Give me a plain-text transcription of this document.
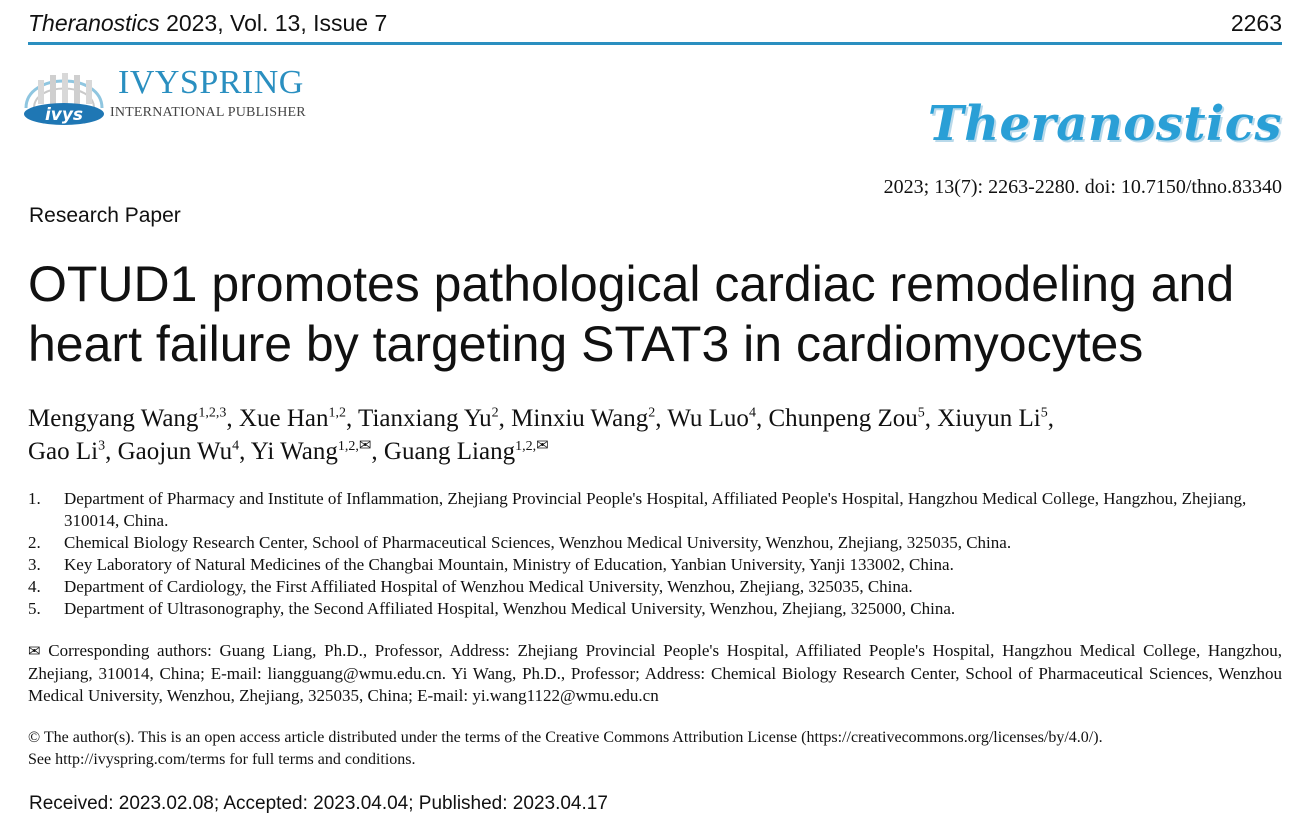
Theranostics 2023, Vol. 13, Issue 7	2263
ivys
IVYSPRING
INTERNATIONAL PUBLISHER	Theranostics
2023; 13(7): 2263-2280. doi: 10.7150/thno.83340
Research Paper
OTUD1 promotes pathological cardiac remodeling and heart failure by targeting STAT3 in cardiomyocytes
Mengyang Wang$^{1,2,3}$, Xue Han$^{1,2}$, Tianxiang Yu$^2$, Minxiu Wang$^2$, Wu Luo$^4$, Chunpeng Zou$^5$, Xiuyun Li$^5$,
Gao Li$^3$, Gaojun Wu$^4$, Yi Wang$^{1,2,✉}$, Guang Liang$^{1,2,✉}$
1. Department of Pharmacy and Institute of Inflammation, Zhejiang Provincial People's Hospital, Affiliated People's Hospital, Hangzhou Medical College, Hangzhou, Zhejiang, 310014, China.
2. Chemical Biology Research Center, School of Pharmaceutical Sciences, Wenzhou Medical University, Wenzhou, Zhejiang, 325035, China.
3. Key Laboratory of Natural Medicines of the Changbai Mountain, Ministry of Education, Yanbian University, Yanji 133002, China.
4. Department of Cardiology, the First Affiliated Hospital of Wenzhou Medical University, Wenzhou, Zhejiang, 325035, China.
5. Department of Ultrasonography, the Second Affiliated Hospital, Wenzhou Medical University, Wenzhou, Zhejiang, 325000, China.
✉ Corresponding authors: Guang Liang, Ph.D., Professor, Address: Zhejiang Provincial People's Hospital, Affiliated People's Hospital, Hangzhou Medical College, Hangzhou, Zhejiang, 310014, China; E-mail: liangguang@wmu.edu.cn. Yi Wang, Ph.D., Professor; Address: Chemical Biology Research Center, School of Pharmaceutical Sciences, Wenzhou Medical University, Wenzhou, Zhejiang, 325035, China; E-mail: yi.wang1122@wmu.edu.cn
© The author(s). This is an open access article distributed under the terms of the Creative Commons Attribution License (https://creativecommons.org/licenses/by/4.0/).
See http://ivyspring.com/terms for full terms and conditions.
Received: 2023.02.08; Accepted: 2023.04.04; Published: 2023.04.17
